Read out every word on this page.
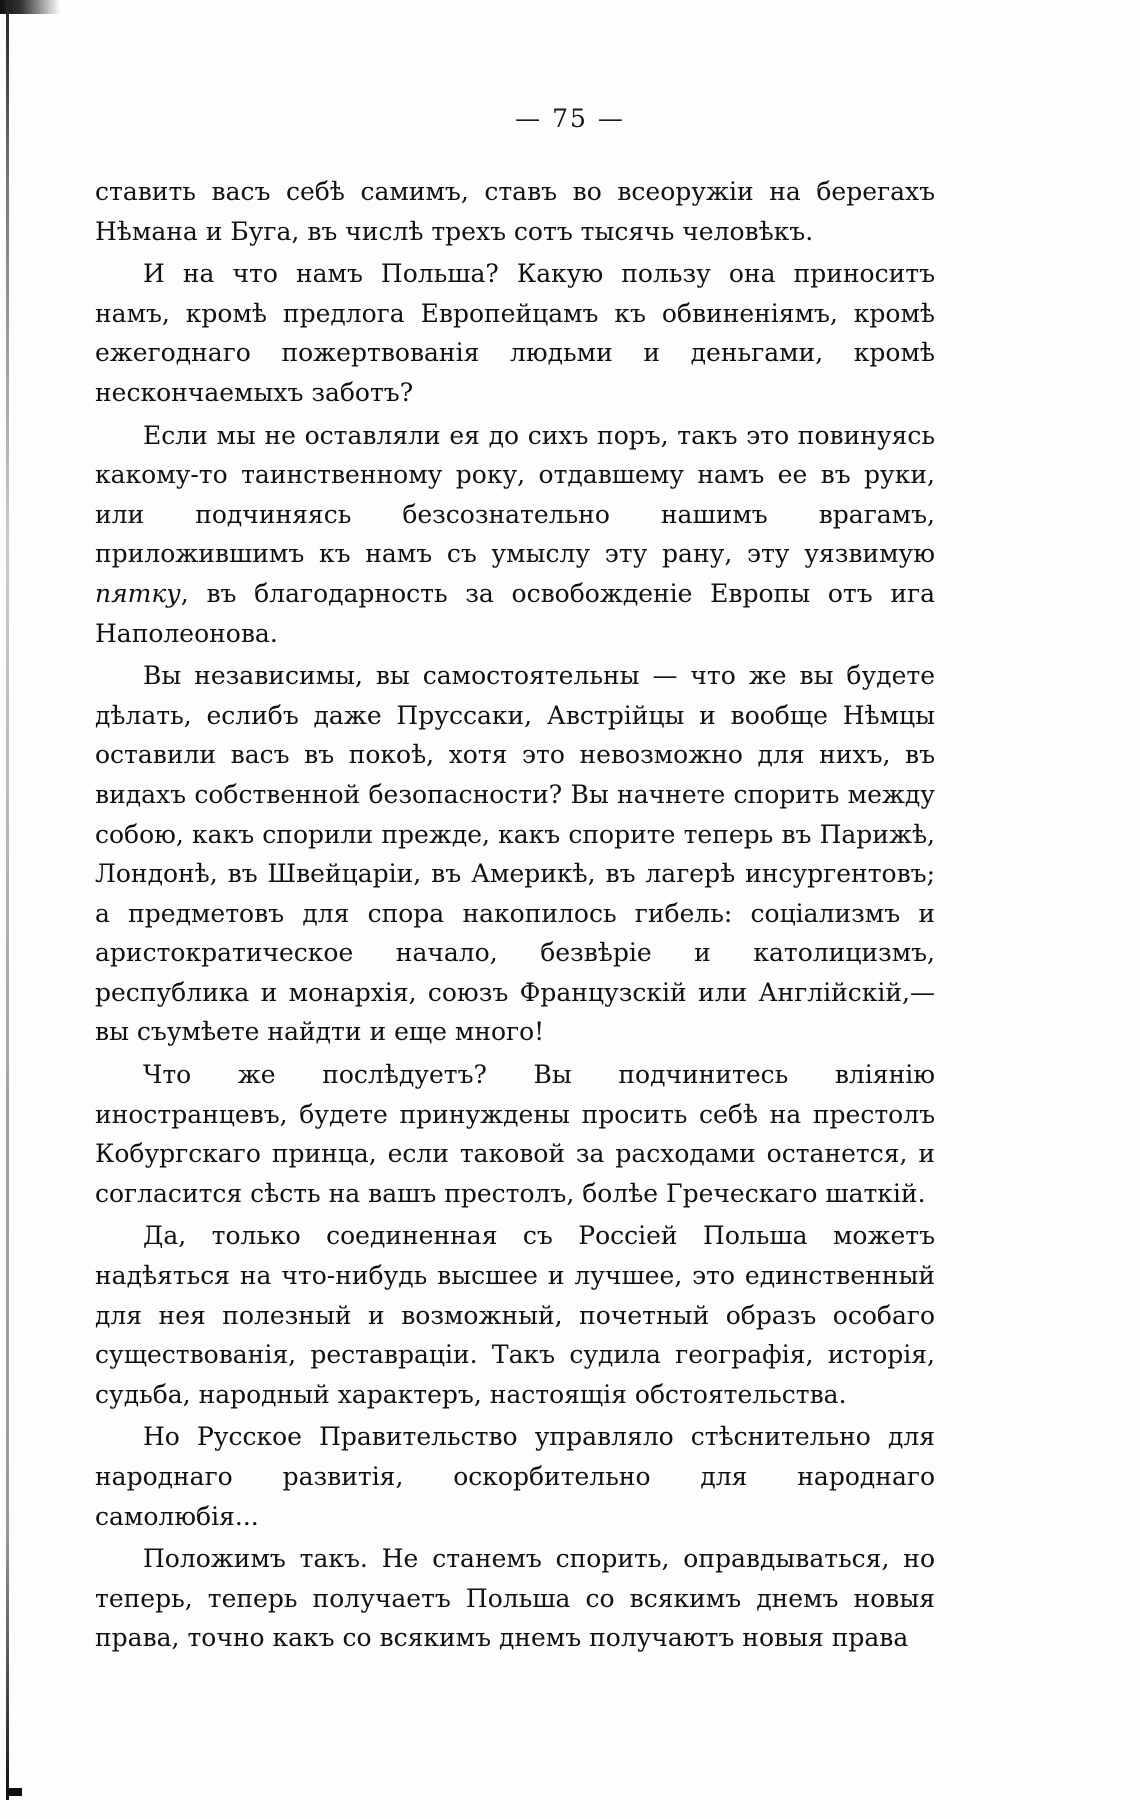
— 75 —

ставить васъ себѣ самимъ, ставъ во всеоружіи на берегахъ Нѣмана и Буга, въ числѣ трехъ сотъ тысячь человѣкъ.

И на что намъ Польша? Какую пользу она приноситъ намъ, кромѣ предлога Европейцамъ къ обвиненіямъ, кромѣ ежегоднаго пожертвованія людьми и деньгами, кромѣ нескончаемыхъ заботъ?

Если мы не оставляли ея до сихъ поръ, такъ это повинуясь какому-то таинственному року, отдавшему намъ ее въ руки, или подчиняясь безсознательно нашимъ врагамъ, приложившимъ къ намъ съ умыслу эту рану, эту уязвимую пятку, въ благодарность за освобожденіе Европы отъ ига Наполеонова.

Вы независимы, вы самостоятельны — что же вы будете дѣлать, еслибъ даже Пруссаки, Австрійцы и вообще Нѣмцы оставили васъ въ покоѣ, хотя это невозможно для нихъ, въ видахъ собственной безопасности? Вы начнете спорить между собою, какъ спорили прежде, какъ спорите теперь въ Парижѣ, Лондонѣ, въ Швейцаріи, въ Америкѣ, въ лагерѣ инсургентовъ; а предметовъ для спора накопилось гибель: соціализмъ и аристократическое начало, безвѣріе и католицизмъ, республика и монархія, союзъ Французскій или Англійскій,—вы съумѣете найдти и еще много!

Что же послѣдуетъ? Вы подчинитесь вліянію иностранцевъ, будете принуждены просить себѣ на престолъ Кобургскаго принца, если таковой за расходами останется, и согласится сѣсть на вашъ престолъ, болѣе Греческаго шаткій.

Да, только соединенная съ Россіей Польша можетъ надѣяться на что-нибудь высшее и лучшее, это единственный для нея полезный и возможный, почетный образъ особаго существованія, реставраціи. Такъ судила географія, исторія, судьба, народный характеръ, настоящія обстоятельства.

Но Русское Правительство управляло стѣснительно для народнаго развитія, оскорбительно для народнаго самолюбія...

Положимъ такъ. Не станемъ спорить, оправдываться, но теперь, теперь получаетъ Польша со всякимъ днемъ новыя права, точно какъ со всякимъ днемъ получаютъ новыя права
